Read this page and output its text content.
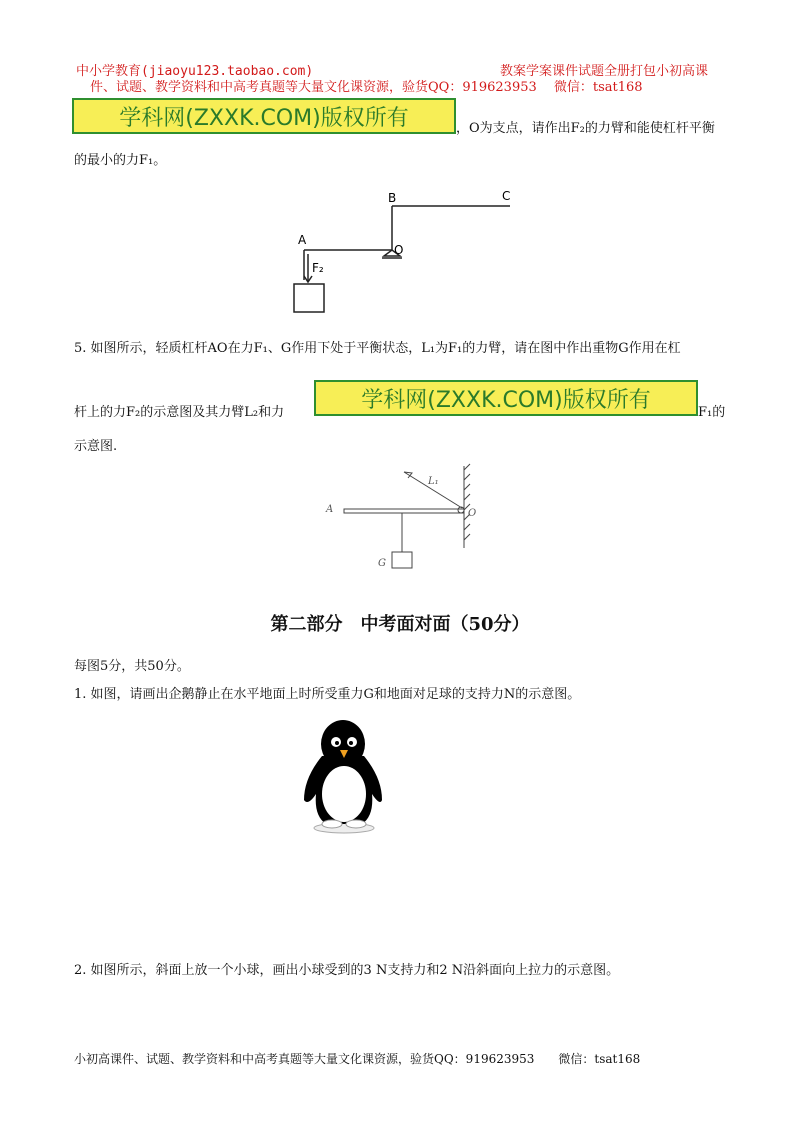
中小学教育(jiaoyu123.taobao.com)	教案学案课件试题全册打包小初高课
件、试题、教学资料和中高考真题等大量文化课资源，验货QQ：919623953　 微信：tsat168
学科网(ZXXK.COM)版权所有	，O为支点，请作出F₂的力臂和能使杠杆平衡
的最小的力F₁。
B	C
A
O
F₂
5. 如图所示，轻质杠杆AO在力F₁、G作用下处于平衡状态，L₁为F₁的力臂，请在图中作出重物G作用在杠
杆上的力F₂的示意图及其力臂L₂和力	学科网(ZXXK.COM)版权所有	F₁的
示意图.
A
L₁
O
G
第二部分　中考面对面（50分）
每图5分，共50分。
1. 如图，请画出企鹅静止在水平地面上时所受重力G和地面对足球的支持力N的示意图。
2. 如图所示，斜面上放一个小球，画出小球受到的3 N支持力和2 N沿斜面向上拉力的示意图。
小初高课件、试题、教学资料和中高考真题等大量文化课资源，验货QQ：919623953　　微信：tsat168
